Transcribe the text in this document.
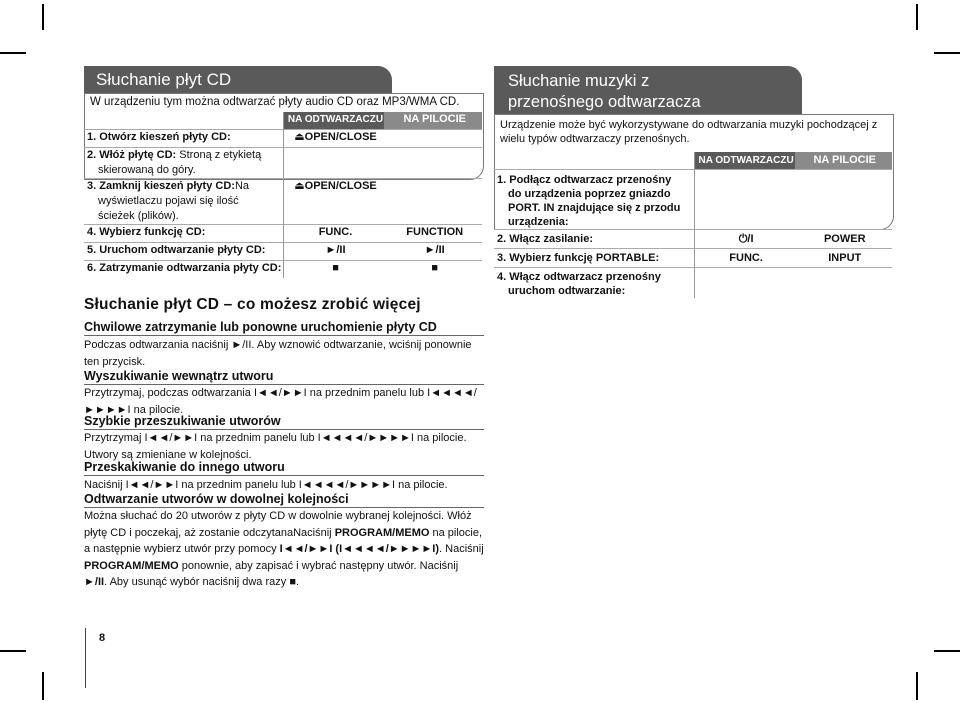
8
Słuchanie płyt CD
W urządzeniu tym można odtwarzać płyty audio CD oraz MP3/WMA CD.
	NA ODTWARZACZU	NA PILOCIE
1. Otwórz kieszeń płyty CD:	⏏OPEN/CLOSE	
2. Włóż płytę CD: Stroną z etykietą
skierowaną do góry.		
3. Zamknij kieszeń płyty CD:Na
wyświetlaczu pojawi się ilość
ścieżek (plików).	⏏OPEN/CLOSE	
4. Wybierz funkcję CD:	FUNC.	FUNCTION
5. Uruchom odtwarzanie płyty CD:	►/II	►/II
6. Zatrzymanie odtwarzania płyty CD:	■	■
Słuchanie płyt CD – co możesz zrobić więcej
Chwilowe zatrzymanie lub ponowne uruchomienie płyty CD
Podczas odtwarzania naciśnij ►/II. Aby wznowić odtwarzanie, wciśnij ponownie ten przycisk.
Wyszukiwanie wewnątrz utworu
Przytrzymaj, podczas odtwarzania I◄◄/►►I na przednim panelu lub I◄◄◄◄/►►►►I na pilocie.
Szybkie przeszukiwanie utworów
Przytrzymaj I◄◄/►►I na przednim panelu lub I◄◄◄◄/►►►►I na pilocie. Utwory są zmieniane w kolejności.
Przeskakiwanie do innego utworu
Naciśnij I◄◄/►►I na przednim panelu lub I◄◄◄◄/►►►►I na pilocie.
Odtwarzanie utworów w dowolnej kolejności
Można słuchać do 20 utworów z płyty CD w dowolnie wybranej kolejności. Włóż płytę CD i poczekaj, aż zostanie odczytanaNaciśnij PROGRAM/MEMO na pilocie, a następnie wybierz utwór przy pomocy I◄◄/►►I (I◄◄◄◄/►►►►I). Naciśnij PROGRAM/MEMO ponownie, aby zapisać i wybrać następny utwór. Naciśnij ►/II. Aby usunąć wybór naciśnij dwa razy ■.
Słuchanie muzyki z
przenośnego odtwarzacza
Urządzenie może być wykorzystywane do odtwarzania muzyki pochodzącej z wielu typów odtwarzaczy przenośnych.
	NA ODTWARZACZU	NA PILOCIE
1. Podłącz odtwarzacz przenośny
do urządzenia poprzez gniazdo
PORT. IN znajdujące się z przodu
urządzenia:		
2. Włącz zasilanie:	⏻/I	POWER
3. Wybierz funkcję PORTABLE:	FUNC.	INPUT
4. Włącz odtwarzacz przenośny
uruchom odtwarzanie:		
